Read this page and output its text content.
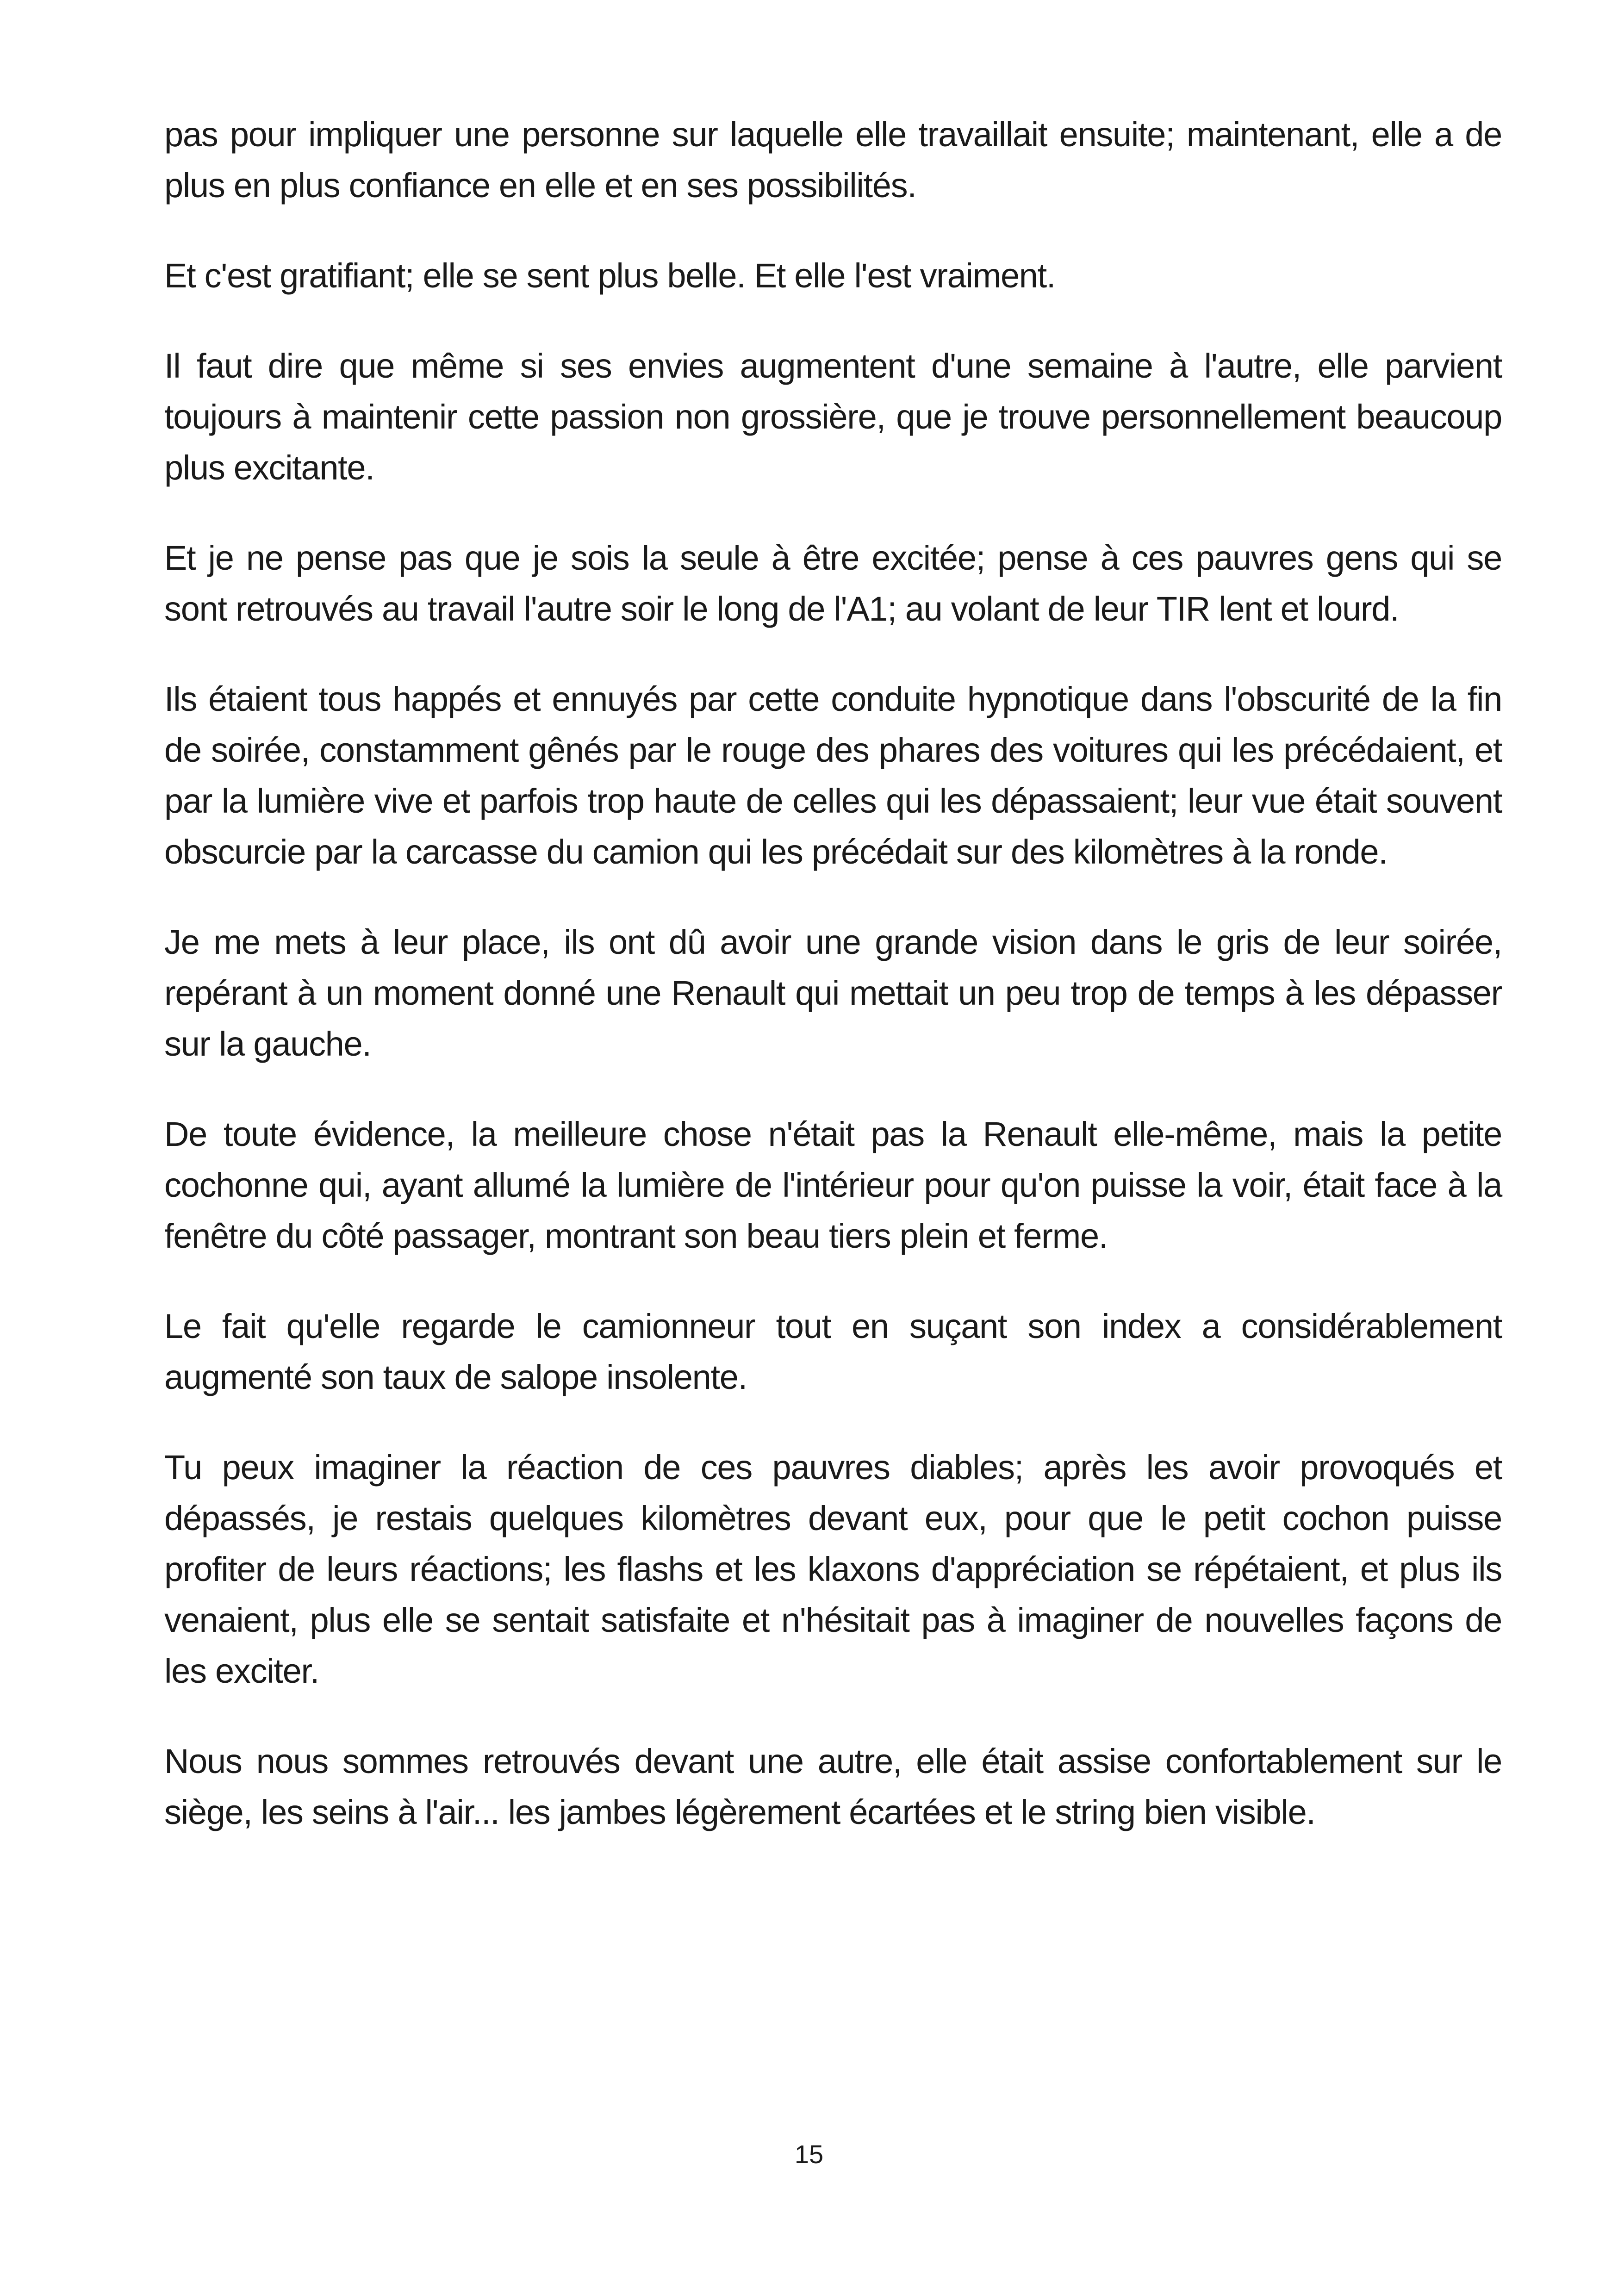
pas pour impliquer une personne sur laquelle elle travaillait ensuite; maintenant, elle a de plus en plus confiance en elle et en ses possibilités.

Et c'est gratifiant; elle se sent plus belle. Et elle l'est vraiment.

Il faut dire que même si ses envies augmentent d'une semaine à l'autre, elle parvient toujours à maintenir cette passion non grossière, que je trouve personnellement beaucoup plus excitante.

Et je ne pense pas que je sois la seule à être excitée; pense à ces pauvres gens qui se sont retrouvés au travail l'autre soir le long de l'A1; au volant de leur TIR lent et lourd.

Ils étaient tous happés et ennuyés par cette conduite hypnotique dans l'obscurité de la fin de soirée, constamment gênés par le rouge des phares des voitures qui les précédaient, et par la lumière vive et parfois trop haute de celles qui les dépassaient; leur vue était souvent obscurcie par la carcasse du camion qui les précédait sur des kilomètres à la ronde.

Je me mets à leur place, ils ont dû avoir une grande vision dans le gris de leur soirée, repérant à un moment donné une Renault qui mettait un peu trop de temps à les dépasser sur la gauche.

De toute évidence, la meilleure chose n'était pas la Renault elle-même, mais la petite cochonne qui, ayant allumé la lumière de l'intérieur pour qu'on puisse la voir, était face à la fenêtre du côté passager, montrant son beau tiers plein et ferme.

Le fait qu'elle regarde le camionneur tout en suçant son index a considérablement augmenté son taux de salope insolente.

Tu peux imaginer la réaction de ces pauvres diables; après les avoir provoqués et dépassés, je restais quelques kilomètres devant eux, pour que le petit cochon puisse profiter de leurs réactions; les flashs et les klaxons d'appréciation se répétaient, et plus ils venaient, plus elle se sentait satisfaite et n'hésitait pas à imaginer de nouvelles façons de les exciter.

Nous nous sommes retrouvés devant une autre, elle était assise confortablement sur le siège, les seins à l'air... les jambes légèrement écartées et le string bien visible.

15
